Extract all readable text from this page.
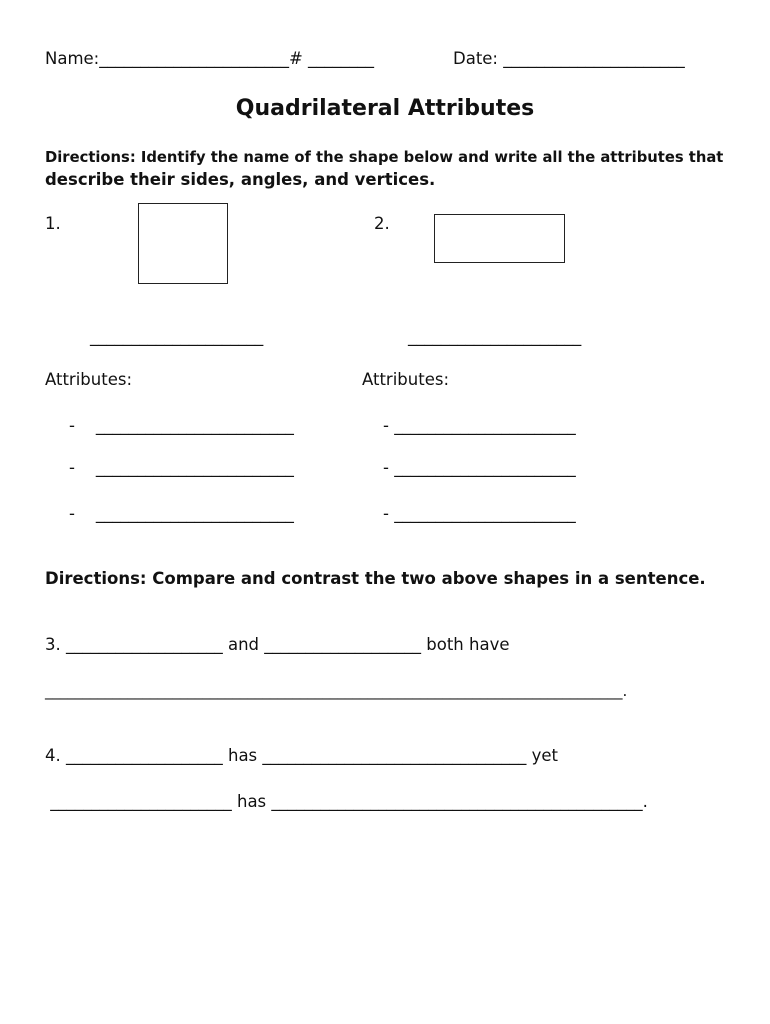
Name:_______________________# ________	Date: ______________________
Quadrilateral Attributes
Directions: Identify the name of the shape below and write all the attributes that
describe their sides, angles, and vertices.
1.
_____________________
Attributes:
-    ________________________
-    ________________________
-    ________________________
2.
_____________________
Attributes:
- ______________________
- ______________________
- ______________________
Directions: Compare and contrast the two above shapes in a sentence.
3. ___________________ and ___________________ both have
_____________________________________________________________________________.
4. ___________________ has ________________________________ yet
______________________ has _____________________________________________.
